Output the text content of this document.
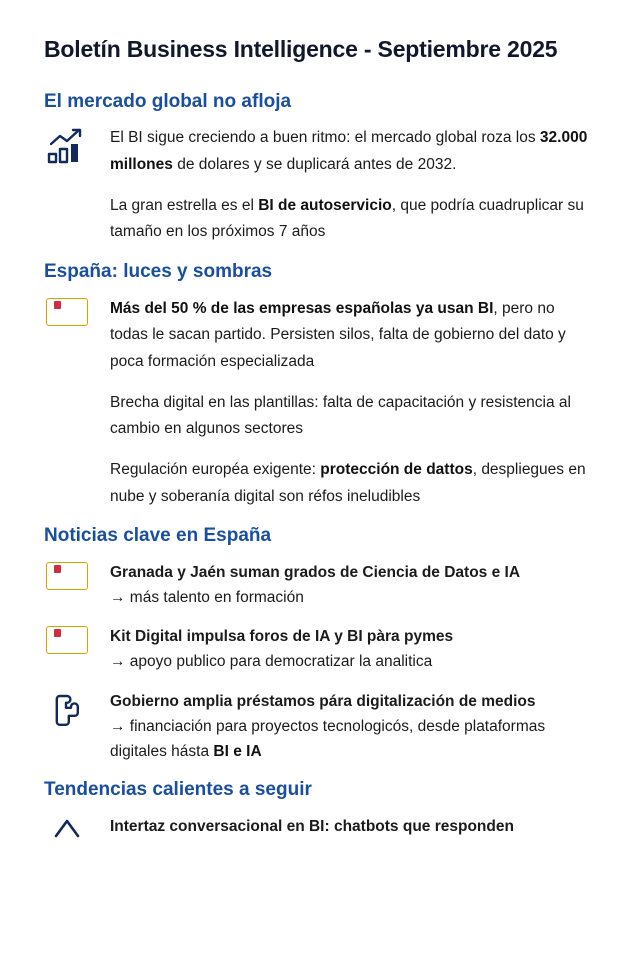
Boletín Business Intelligence - Septiembre 2025
El mercado global no afloja
El BI sigue creciendo a buen ritmo: el mercado global roza los 32.000 millones de dolares y se duplicará antes de 2032.
La gran estrella es el BI de autoservicio, que podría cuadruplicar su tamaño en los próximos 7 años
España: luces y sombras
Más del 50 % de las empresas españolas ya usan BI, pero no todas le sacan partido. Persisten silos, falta de gobierno del dato y poca formación especializada
Brecha digital en las plantillas: falta de capacitación y resistencia al cambio en algunos sectores
Regulación européa exigente: protección de dattos, despliegues en nube y soberanía digital son réfos ineludibles
Noticias clave en España
Granada y Jaén suman grados de Ciencia de Datos e IA
→ más talento en formación
Kit Digital impulsa foros de IA y BI pàra pymes
→ apoyo publico para democratizar la analitica
Gobierno amplia préstamos pára digitalización de medios
→ financiación para proyectos tecnologicós, desde plataformas digitales hásta BI e IA
Tendencias calientes a seguir
Intertaz conversacional en BI: chatbots que responden
